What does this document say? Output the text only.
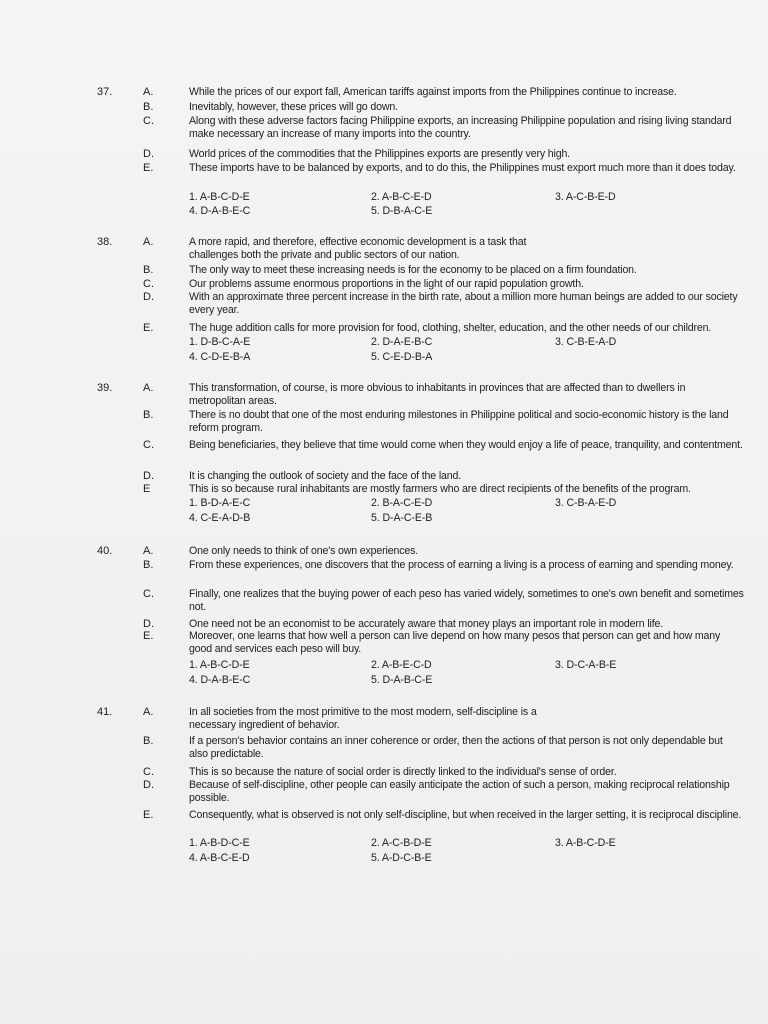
37.	A.	While the prices of our export fall, American tariffs against imports from the Philippines continue to increase.
B.	Inevitably, however, these prices will go down.
C.	Along with these adverse factors facing Philippine exports, an increasing Philippine population and rising living standard make necessary an increase of many imports into the country.
D.	World prices of the commodities that the Philippines exports are presently very high.
E.	These imports have to be balanced by exports, and to do this, the Philippines must export much more than it does today.
1. A-B-C-D-E	2. A-B-C-E-D	3. A-C-B-E-D
4. D-A-B-E-C	5. D-B-A-C-E
38.	A.	A more rapid, and therefore, effective economic development is a task that challenges both the private and public sectors of our nation.
B.	The only way to meet these increasing needs is for the economy to be placed on a firm foundation.
C.	Our problems assume enormous proportions in the light of our rapid population growth.
D.	With an approximate three percent increase in the birth rate, about a million more human beings are added to our society every year.
E.	The huge addition calls for more provision for food, clothing, shelter, education, and the other needs of our children.
1. D-B-C-A-E	2. D-A-E-B-C	3. C-B-E-A-D
4. C-D-E-B-A	5. C-E-D-B-A
39.	A.	This transformation, of course, is more obvious to inhabitants in provinces that are affected than to dwellers in metropolitan areas.
B.	There is no doubt that one of the most enduring milestones in Philippine political and socio-economic history is the land reform program.
C.	Being beneficiaries, they believe that time would come when they would enjoy a life of peace, tranquility, and contentment.
D.	It is changing the outlook of society and the face of the land.
E	This is so because rural inhabitants are mostly farmers who are direct recipients of the benefits of the program.
1. B-D-A-E-C	2. B-A-C-E-D	3. C-B-A-E-D
4. C-E-A-D-B	5. D-A-C-E-B
40.	A.	One only needs to think of one's own experiences.
B.	From these experiences, one discovers that the process of earning a living is a process of earning and spending money.
C.	Finally, one realizes that the buying power of each peso has varied widely, sometimes to one's own benefit and sometimes not.
D.	One need not be an economist to be accurately aware that money plays an important role in modern life.
E.	Moreover, one learns that how well a person can live depend on how many pesos that person can get and how many good and services each peso will buy.
1. A-B-C-D-E	2. A-B-E-C-D	3. D-C-A-B-E
4. D-A-B-E-C	5. D-A-B-C-E
41.	A.	In all societies from the most primitive to the most modern, self-discipline is a necessary ingredient of behavior.
B.	If a person's behavior contains an inner coherence or order, then the actions of that person is not only dependable but also predictable.
C.	This is so because the nature of social order is directly linked to the individual's sense of order.
D.	Because of self-discipline, other people can easily anticipate the action of such a person, making reciprocal relationship possible.
E.	Consequently, what is observed is not only self-discipline, but when received in the larger setting, it is reciprocal discipline.
1. A-B-D-C-E	2. A-C-B-D-E	3. A-B-C-D-E
4. A-B-C-E-D	5. A-D-C-B-E
